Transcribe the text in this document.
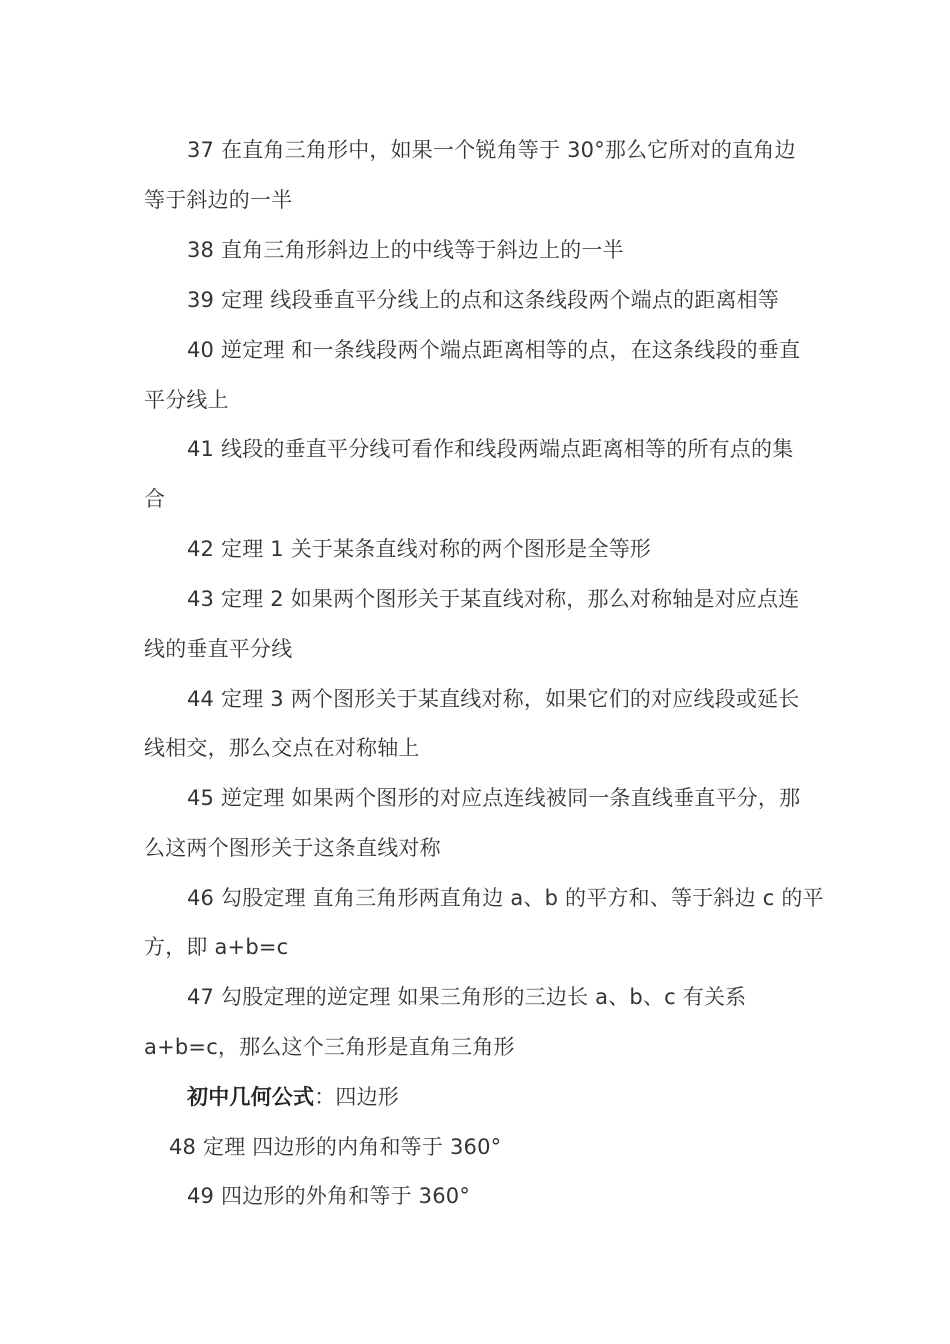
37 在直角三角形中，如果一个锐角等于 30°那么它所对的直角边
等于斜边的一半
38 直角三角形斜边上的中线等于斜边上的一半
39 定理 线段垂直平分线上的点和这条线段两个端点的距离相等
40 逆定理 和一条线段两个端点距离相等的点，在这条线段的垂直
平分线上
41 线段的垂直平分线可看作和线段两端点距离相等的所有点的集
合
42 定理 1 关于某条直线对称的两个图形是全等形
43 定理 2 如果两个图形关于某直线对称，那么对称轴是对应点连
线的垂直平分线
44 定理 3 两个图形关于某直线对称，如果它们的对应线段或延长
线相交，那么交点在对称轴上
45 逆定理 如果两个图形的对应点连线被同一条直线垂直平分，那
么这两个图形关于这条直线对称
46 勾股定理 直角三角形两直角边 a、b 的平方和、等于斜边 c 的平
方，即 a+b=c
47 勾股定理的逆定理 如果三角形的三边长 a、b、c 有关系
a+b=c，那么这个三角形是直角三角形
初中几何公式：四边形
48 定理 四边形的内角和等于 360°
49 四边形的外角和等于 360°
